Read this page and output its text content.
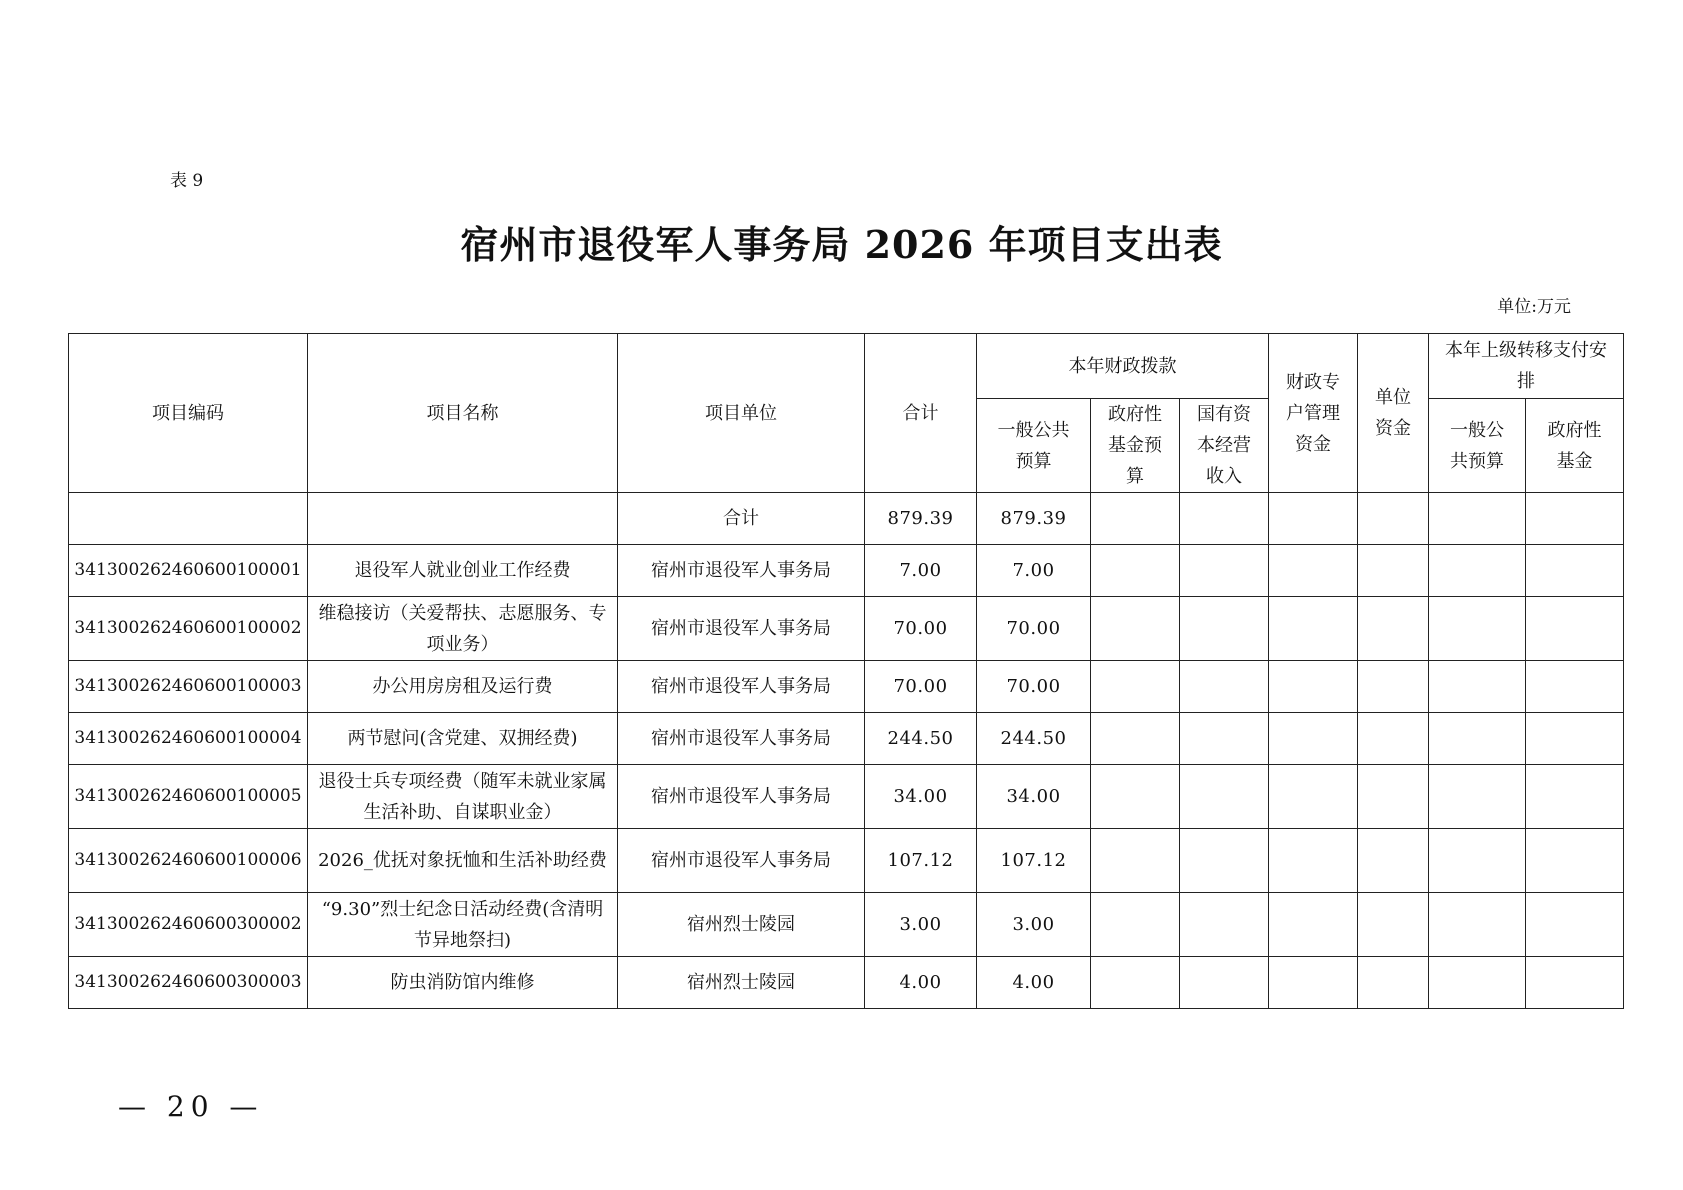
表 9
宿州市退役军人事务局 2026 年项目支出表
单位:万元
项目编码	项目名称	项目单位	合计	本年财政拨款			财政专户管理资金	单位资金	本年上级转移支付安排	
				一般公共预算	政府性基金预算	国有资本经营收入			一般公共预算	政府性基金
		合计	879.39	879.39						
341300262460600100001	退役军人就业创业工作经费	宿州市退役军人事务局	7.00	7.00						
341300262460600100002	维稳接访（关爱帮扶、志愿服务、专项业务）	宿州市退役军人事务局	70.00	70.00						
341300262460600100003	办公用房房租及运行费	宿州市退役军人事务局	70.00	70.00						
341300262460600100004	两节慰问(含党建、双拥经费)	宿州市退役军人事务局	244.50	244.50						
341300262460600100005	退役士兵专项经费（随军未就业家属生活补助、自谋职业金）	宿州市退役军人事务局	34.00	34.00						
341300262460600100006	2026_优抚对象抚恤和生活补助经费	宿州市退役军人事务局	107.12	107.12						
341300262460600300002	“9.30”烈士纪念日活动经费(含清明节异地祭扫)	宿州烈士陵园	3.00	3.00						
341300262460600300003	防虫消防馆内维修	宿州烈士陵园	4.00	4.00						
— 20 —
